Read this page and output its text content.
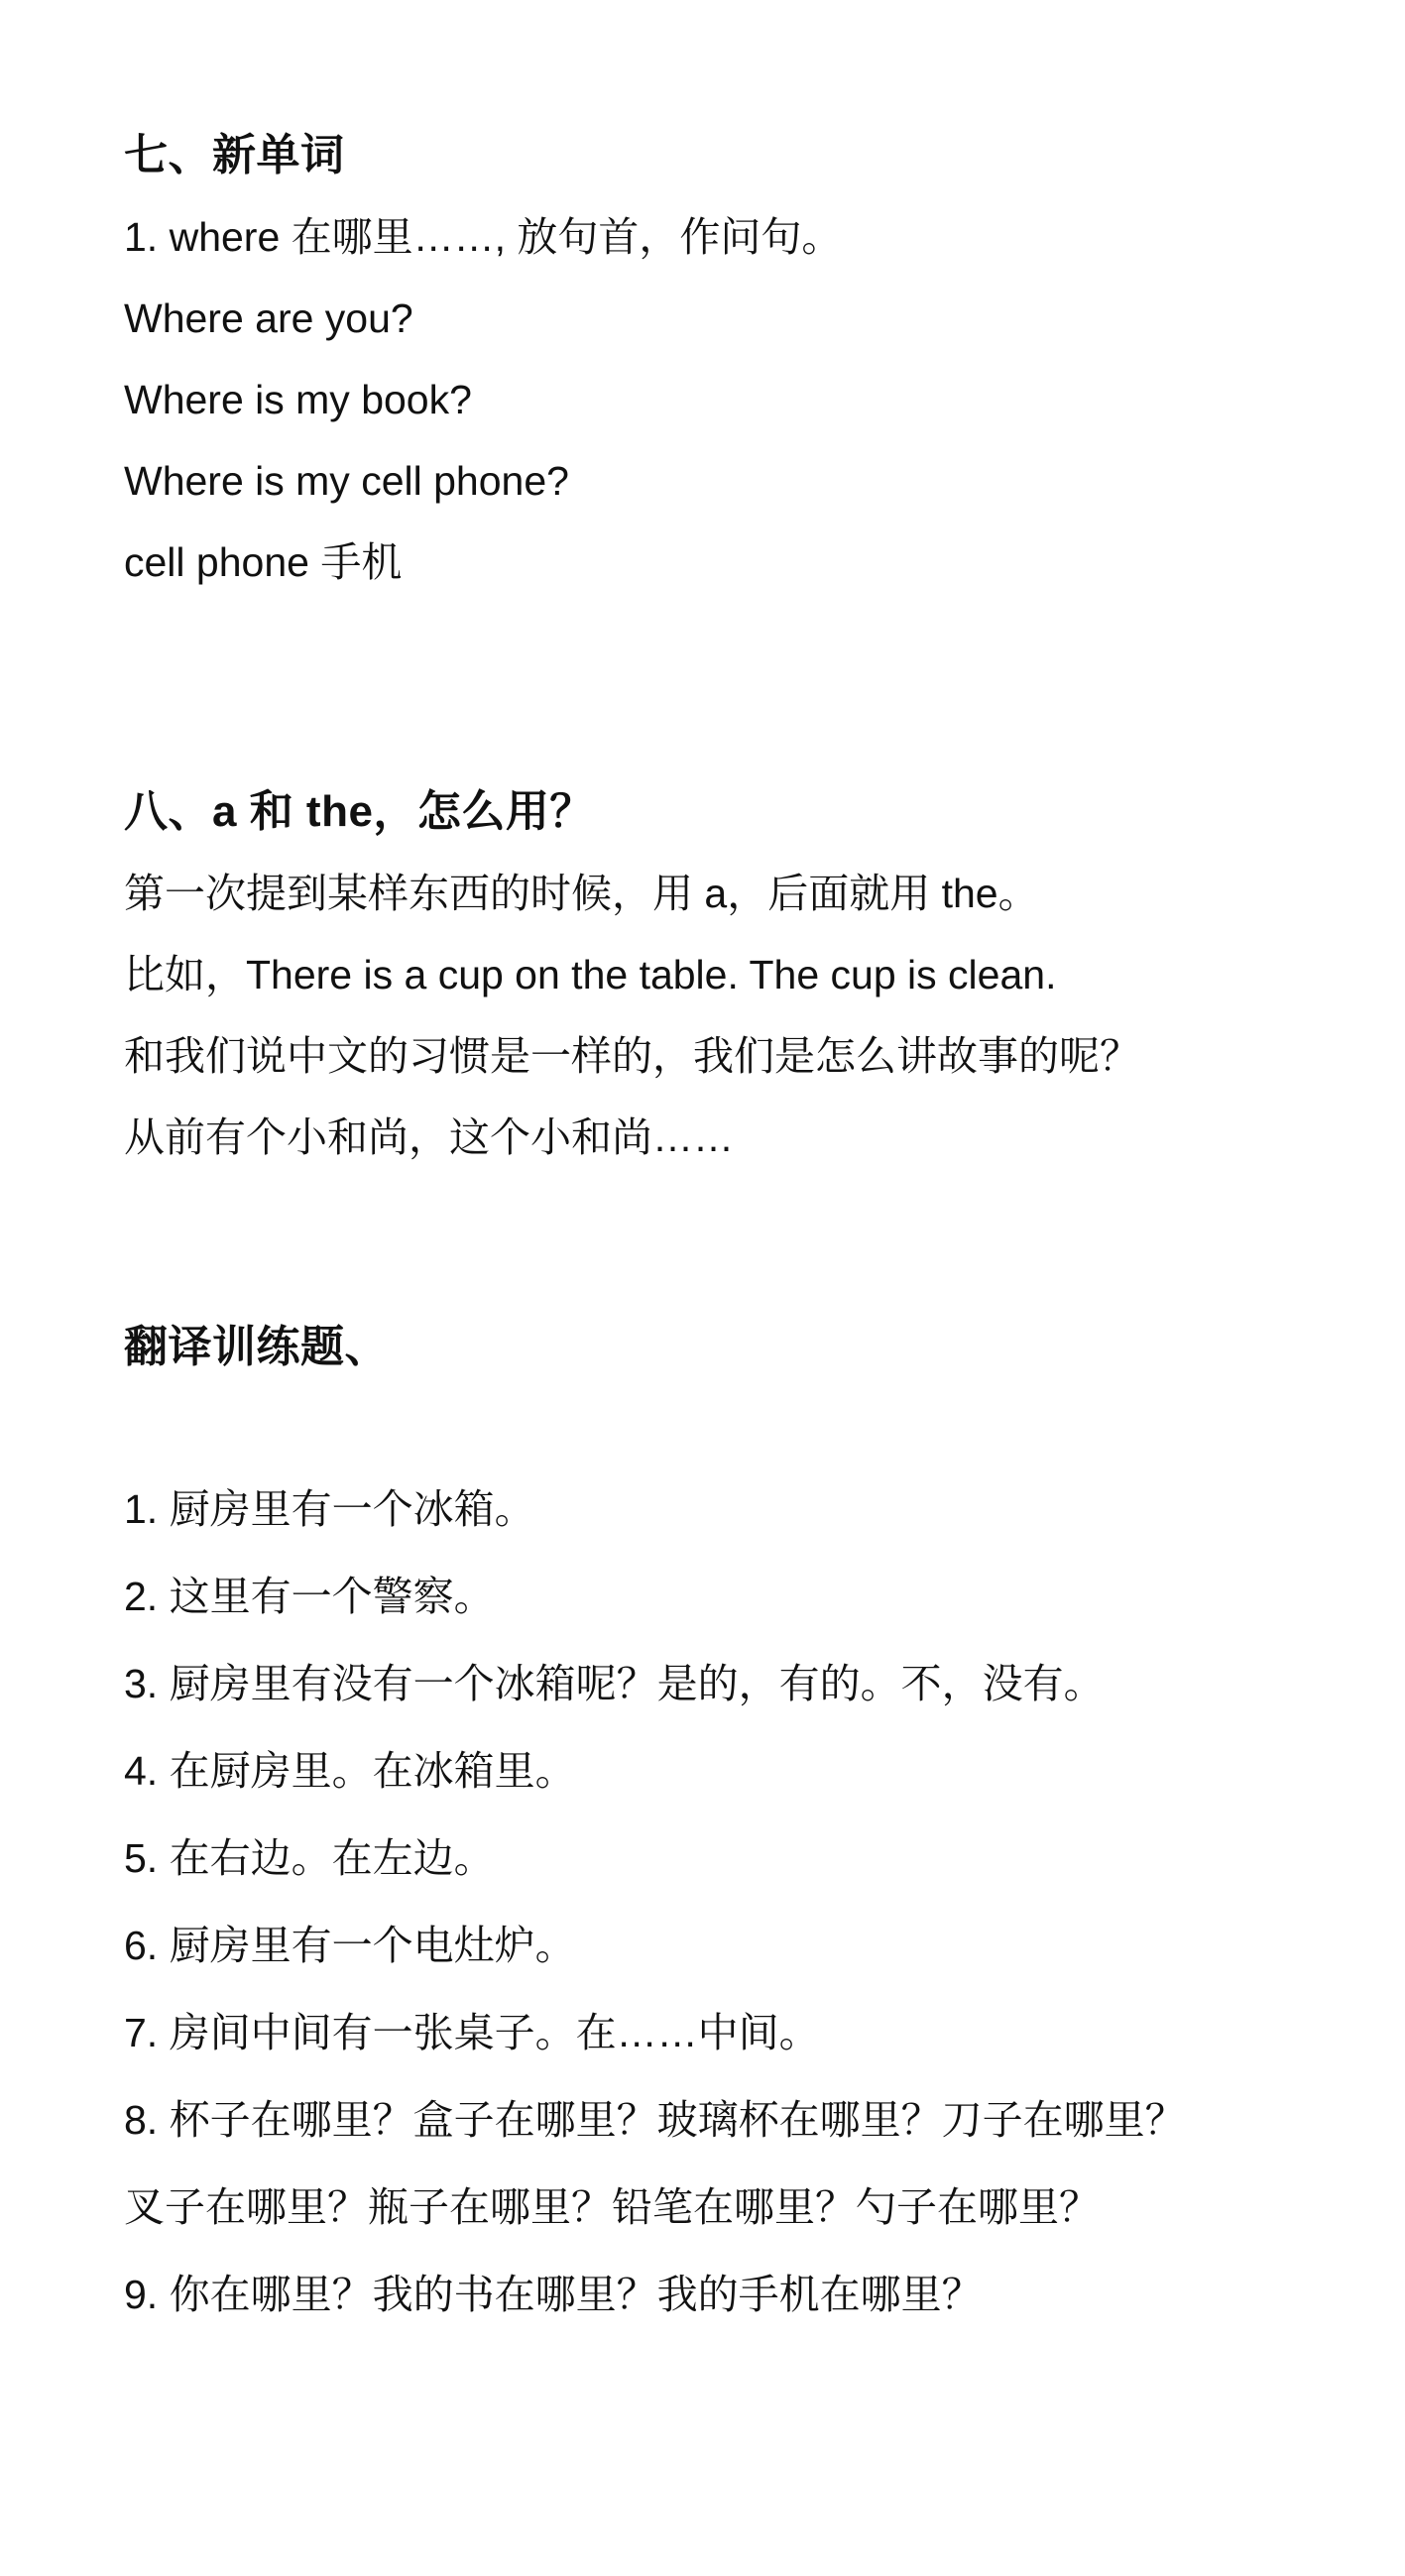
七、新单词

1. where 在哪里……, 放句首，作问句。

Where are you?

Where is my book?

Where is my cell phone?

cell phone 手机

八、a 和 the，怎么用？

第一次提到某样东西的时候，用 a，后面就用 the。

比如，There is a cup on the table. The cup is clean.

和我们说中文的习惯是一样的，我们是怎么讲故事的呢？

从前有个小和尚，这个小和尚……

翻译训练题、

1. 厨房里有一个冰箱。

2. 这里有一个警察。

3. 厨房里有没有一个冰箱呢？是的，有的。不，没有。

4. 在厨房里。在冰箱里。

5. 在右边。在左边。

6. 厨房里有一个电灶炉。

7. 房间中间有一张桌子。在……中间。

8. 杯子在哪里？盒子在哪里？玻璃杯在哪里？刀子在哪里？

叉子在哪里？瓶子在哪里？铅笔在哪里？勺子在哪里？

9. 你在哪里？我的书在哪里？我的手机在哪里？
